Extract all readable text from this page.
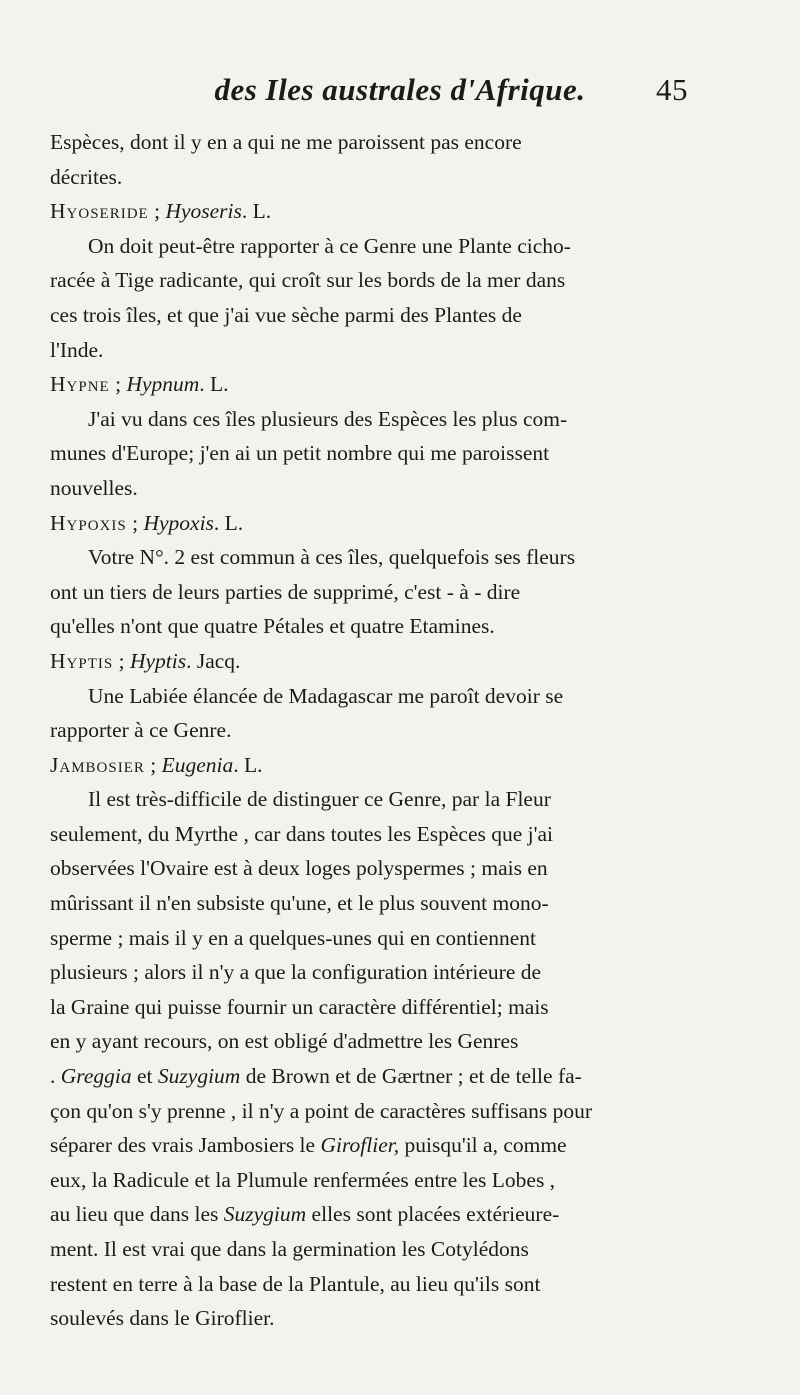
des Iles australes d'Afrique. 45
Espèces, dont il y en a qui ne me paroissent pas encore
décrites.
Hyoseride ; Hyoseris. L.
On doit peut-être rapporter à ce Genre une Plante cicho-
racée à Tige radicante, qui croît sur les bords de la mer dans
ces trois îles, et que j'ai vue sèche parmi des Plantes de
l'Inde.
Hypne ; Hypnum. L.
J'ai vu dans ces îles plusieurs des Espèces les plus com-
munes d'Europe; j'en ai un petit nombre qui me paroissent
nouvelles.
Hypoxis ; Hypoxis. L.
Votre N°. 2 est commun à ces îles, quelquefois ses fleurs
ont un tiers de leurs parties de supprimé, c'est - à - dire
qu'elles n'ont que quatre Pétales et quatre Etamines.
Hyptis ; Hyptis. Jacq.
Une Labiée élancée de Madagascar me paroît devoir se
rapporter à ce Genre.
Jambosier ; Eugenia. L.
Il est très-difficile de distinguer ce Genre, par la Fleur
seulement, du Myrthe , car dans toutes les Espèces que j'ai
observées l'Ovaire est à deux loges polyspermes ; mais en
mûrissant il n'en subsiste qu'une, et le plus souvent mono-
sperme ; mais il y en a quelques-unes qui en contiennent
plusieurs ; alors il n'y a que la configuration intérieure de
la Graine qui puisse fournir un caractère différentiel; mais
en y ayant recours, on est obligé d'admettre les Genres
. Greggia et Suzygium de Brown et de Gærtner ; et de telle fa-
çon qu'on s'y prenne , il n'y a point de caractères suffisans pour
séparer des vrais Jambosiers le Giroflier, puisqu'il a, comme
eux, la Radicule et la Plumule renfermées entre les Lobes ,
au lieu que dans les Suzygium elles sont placées extérieure-
ment. Il est vrai que dans la germination les Cotylédons
restent en terre à la base de la Plantule, au lieu qu'ils sont
soulevés dans le Giroflier.
